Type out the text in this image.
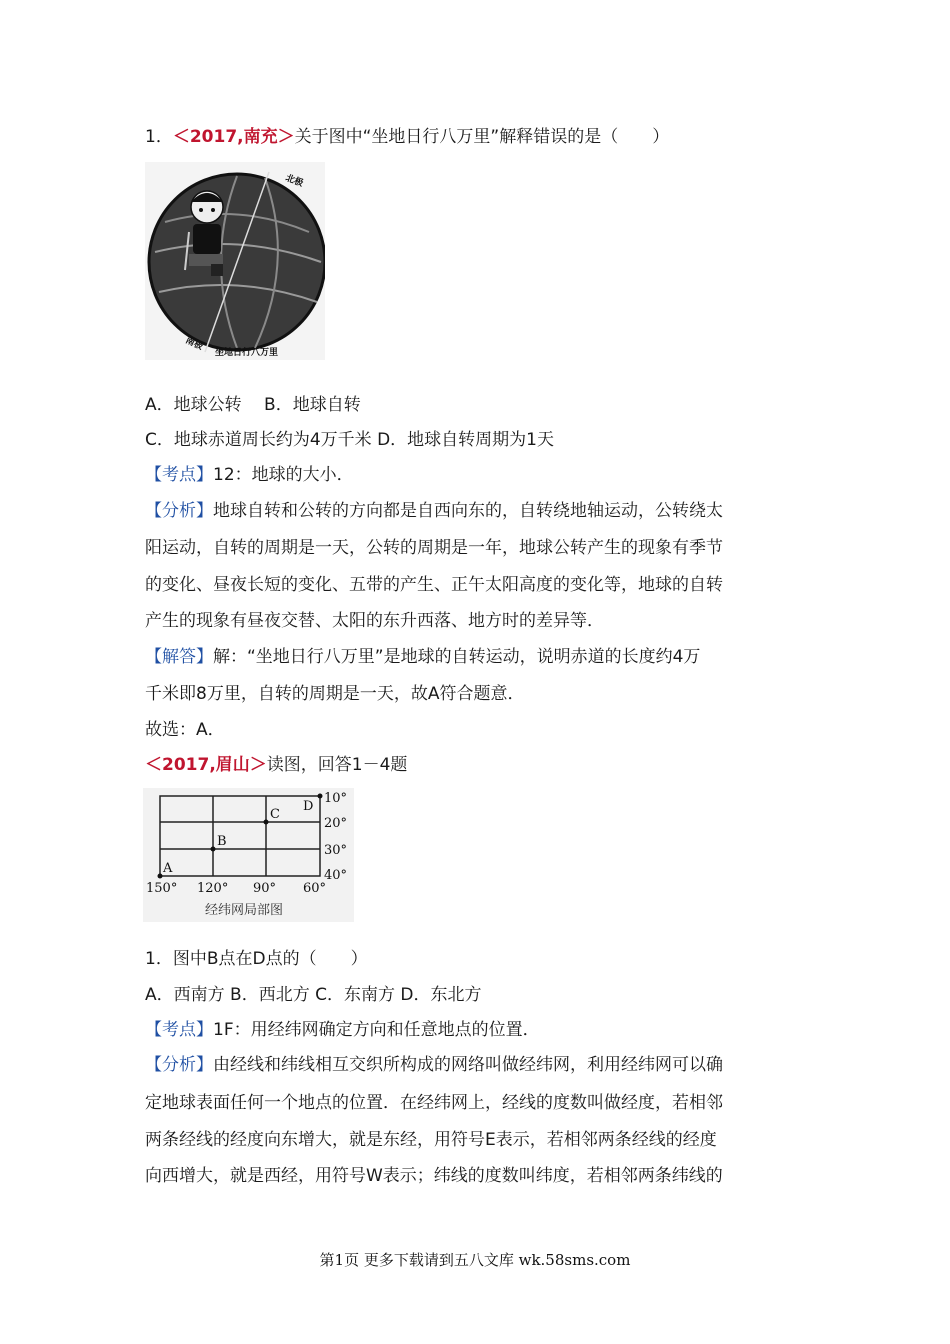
1．＜2017,南充＞关于图中“坐地日行八万里”解释错误的是（　　）
北极
南极
坐地日行八万里
A．地球公转　 B．地球自转
C．地球赤道周长约为4万千米 D．地球自转周期为1天
【考点】12：地球的大小．
【分析】地球自转和公转的方向都是自西向东的，自转绕地轴运动，公转绕太
阳运动，自转的周期是一天，公转的周期是一年，地球公转产生的现象有季节
的变化、昼夜长短的变化、五带的产生、正午太阳高度的变化等，地球的自转
产生的现象有昼夜交替、太阳的东升西落、地方时的差异等．
【解答】解：“坐地日行八万里”是地球的自转运动，说明赤道的长度约4万
千米即8万里，自转的周期是一天，故A符合题意．
故选：A．
＜2017,眉山＞读图，回答1－4题
A
B
C
D
10°
20°
30°
40°
150° 120° 90° 60°
经纬网局部图
1．图中B点在D点的（　　）
A．西南方 B．西北方 C．东南方 D．东北方
【考点】1F：用经纬网确定方向和任意地点的位置．
【分析】由经线和纬线相互交织所构成的网络叫做经纬网，利用经纬网可以确
定地球表面任何一个地点的位置．在经纬网上，经线的度数叫做经度，若相邻
两条经线的经度向东增大，就是东经，用符号E表示，若相邻两条经线的经度
向西增大，就是西经，用符号W表示；纬线的度数叫纬度，若相邻两条纬线的
第1页 更多下载请到五八文库 wk.58sms.com
